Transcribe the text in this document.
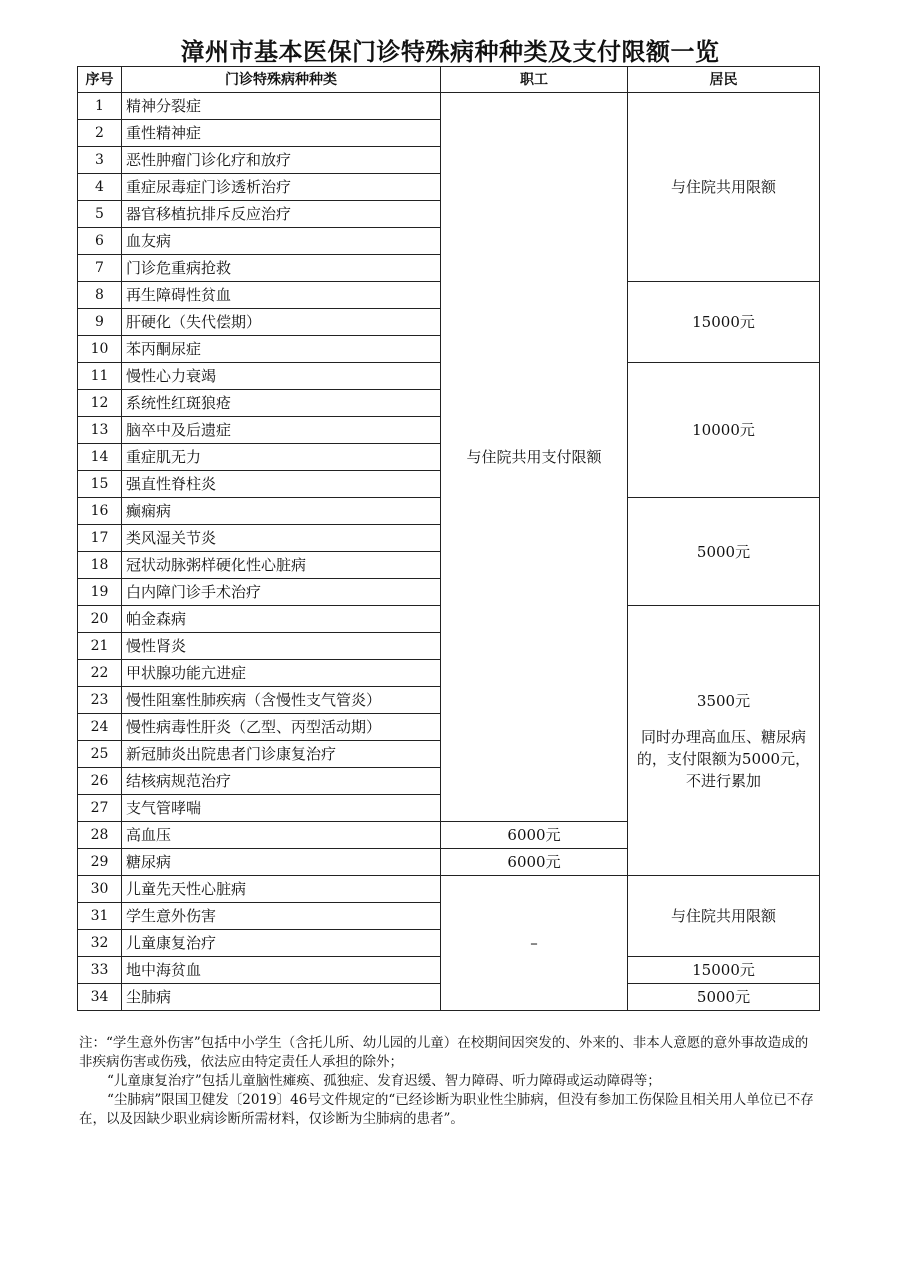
漳州市基本医保门诊特殊病种种类及支付限额一览
序号	门诊特殊病种种类	职工	居民
1	精神分裂症	与住院共用支付限额	与住院共用限额
2	重性精神症		
3	恶性肿瘤门诊化疗和放疗		
4	重症尿毒症门诊透析治疗		
5	器官移植抗排斥反应治疗		
6	血友病		
7	门诊危重病抢救		
8	再生障碍性贫血		15000元
9	肝硬化（失代偿期）		
10	苯丙酮尿症		
11	慢性心力衰竭		10000元
12	系统性红斑狼疮		
13	脑卒中及后遗症		
14	重症肌无力		
15	强直性脊柱炎		
16	癫痫病		5000元
17	类风湿关节炎		
18	冠状动脉粥样硬化性心脏病		
19	白内障门诊手术治疗		
20	帕金森病		3500元
同时办理高血压、糖尿病的，支付限额为5000元，不进行累加

21	慢性肾炎		
22	甲状腺功能亢进症		
23	慢性阻塞性肺疾病（含慢性支气管炎）		
24	慢性病毒性肝炎（乙型、丙型活动期）		
25	新冠肺炎出院患者门诊康复治疗		
26	结核病规范治疗		
27	支气管哮喘		
28	高血压	6000元	
29	糖尿病	6000元	
30	儿童先天性心脏病	–	与住院共用限额
31	学生意外伤害		
32	儿童康复治疗		
33	地中海贫血		15000元
34	尘肺病		5000元

注：“学生意外伤害”包括中小学生（含托儿所、幼儿园的儿童）在校期间因突发的、外来的、非本人意愿的意外事故造成的非疾病伤害或伤残，依法应由特定责任人承担的除外；

“儿童康复治疗”包括儿童脑性瘫痪、孤独症、发育迟缓、智力障碍、听力障碍或运动障碍等；

“尘肺病”限国卫健发〔2019〕46号文件规定的“已经诊断为职业性尘肺病，但没有参加工伤保险且相关用人单位已不存在，以及因缺少职业病诊断所需材料，仅诊断为尘肺病的患者”。
